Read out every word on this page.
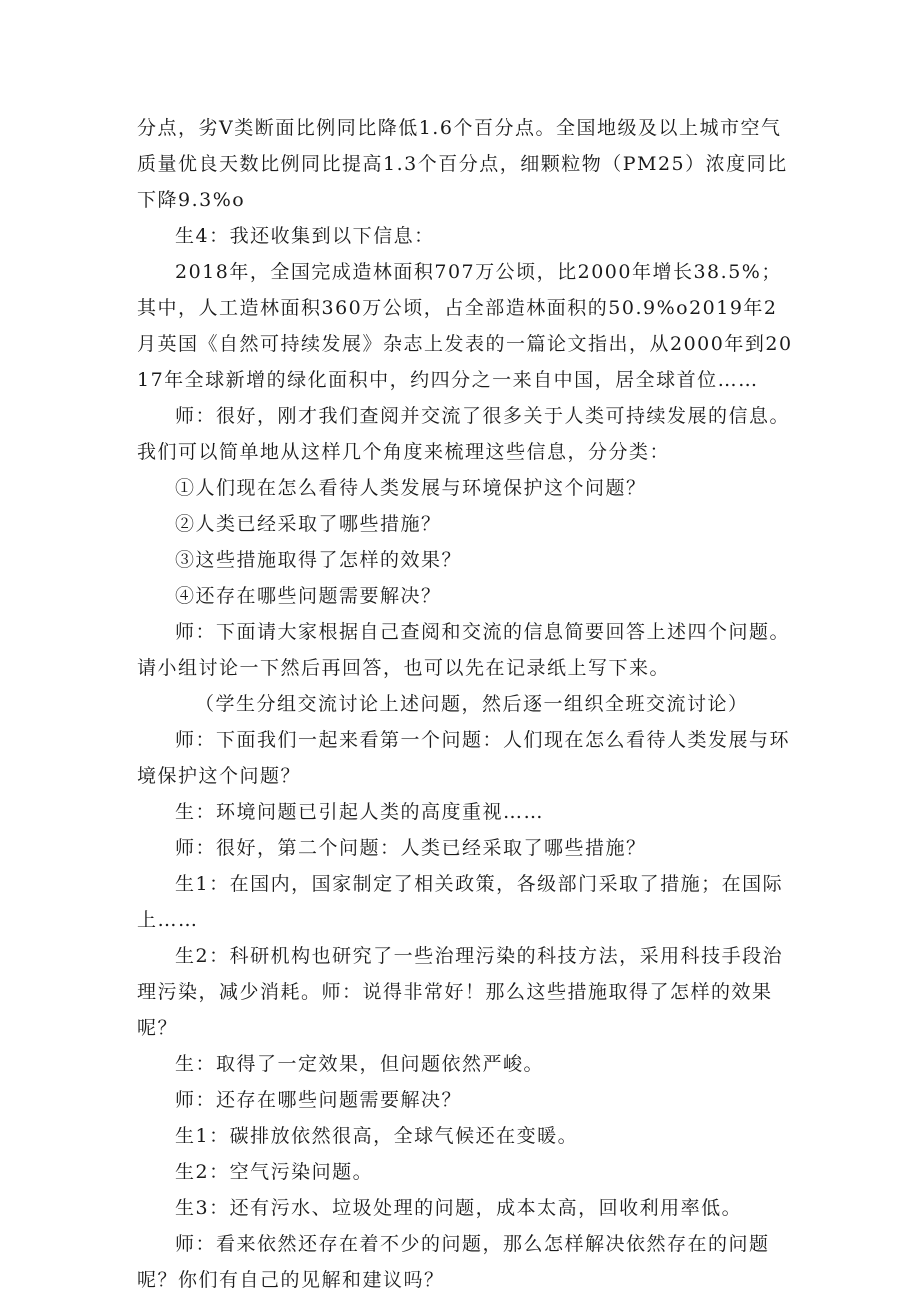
分点，劣V类断面比例同比降低1.6个百分点。全国地级及以上城市空气质量优良天数比例同比提高1.3个百分点，细颗粒物（PM25）浓度同比下降9.3%o

生4：我还收集到以下信息：

2018年，全国完成造林面积707万公顷，比2000年增长38.5%；其中，人工造林面积360万公顷，占全部造林面积的50.9%o2019年2月英国《自然可持续发展》杂志上发表的一篇论文指出，从2000年到2017年全球新增的绿化面积中，约四分之一来自中国，居全球首位……

师：很好，刚才我们查阅并交流了很多关于人类可持续发展的信息。我们可以简单地从这样几个角度来梳理这些信息，分分类：

①人们现在怎么看待人类发展与环境保护这个问题？

②人类已经采取了哪些措施？

③这些措施取得了怎样的效果？

④还存在哪些问题需要解决？

师：下面请大家根据自己查阅和交流的信息简要回答上述四个问题。请小组讨论一下然后再回答，也可以先在记录纸上写下来。

（学生分组交流讨论上述问题，然后逐一组织全班交流讨论）

师：下面我们一起来看第一个问题：人们现在怎么看待人类发展与环境保护这个问题？

生：环境问题已引起人类的高度重视……

师：很好，第二个问题：人类已经采取了哪些措施？

生1：在国内，国家制定了相关政策，各级部门采取了措施；在国际上……

生2：科研机构也研究了一些治理污染的科技方法，采用科技手段治理污染，减少消耗。师：说得非常好！那么这些措施取得了怎样的效果呢？

生：取得了一定效果，但问题依然严峻。

师：还存在哪些问题需要解决？

生1：碳排放依然很高，全球气候还在变暖。

生2：空气污染问题。

生3：还有污水、垃圾处理的问题，成本太高，回收利用率低。

师：看来依然还存在着不少的问题，那么怎样解决依然存在的问题呢？你们有自己的见解和建议吗？
